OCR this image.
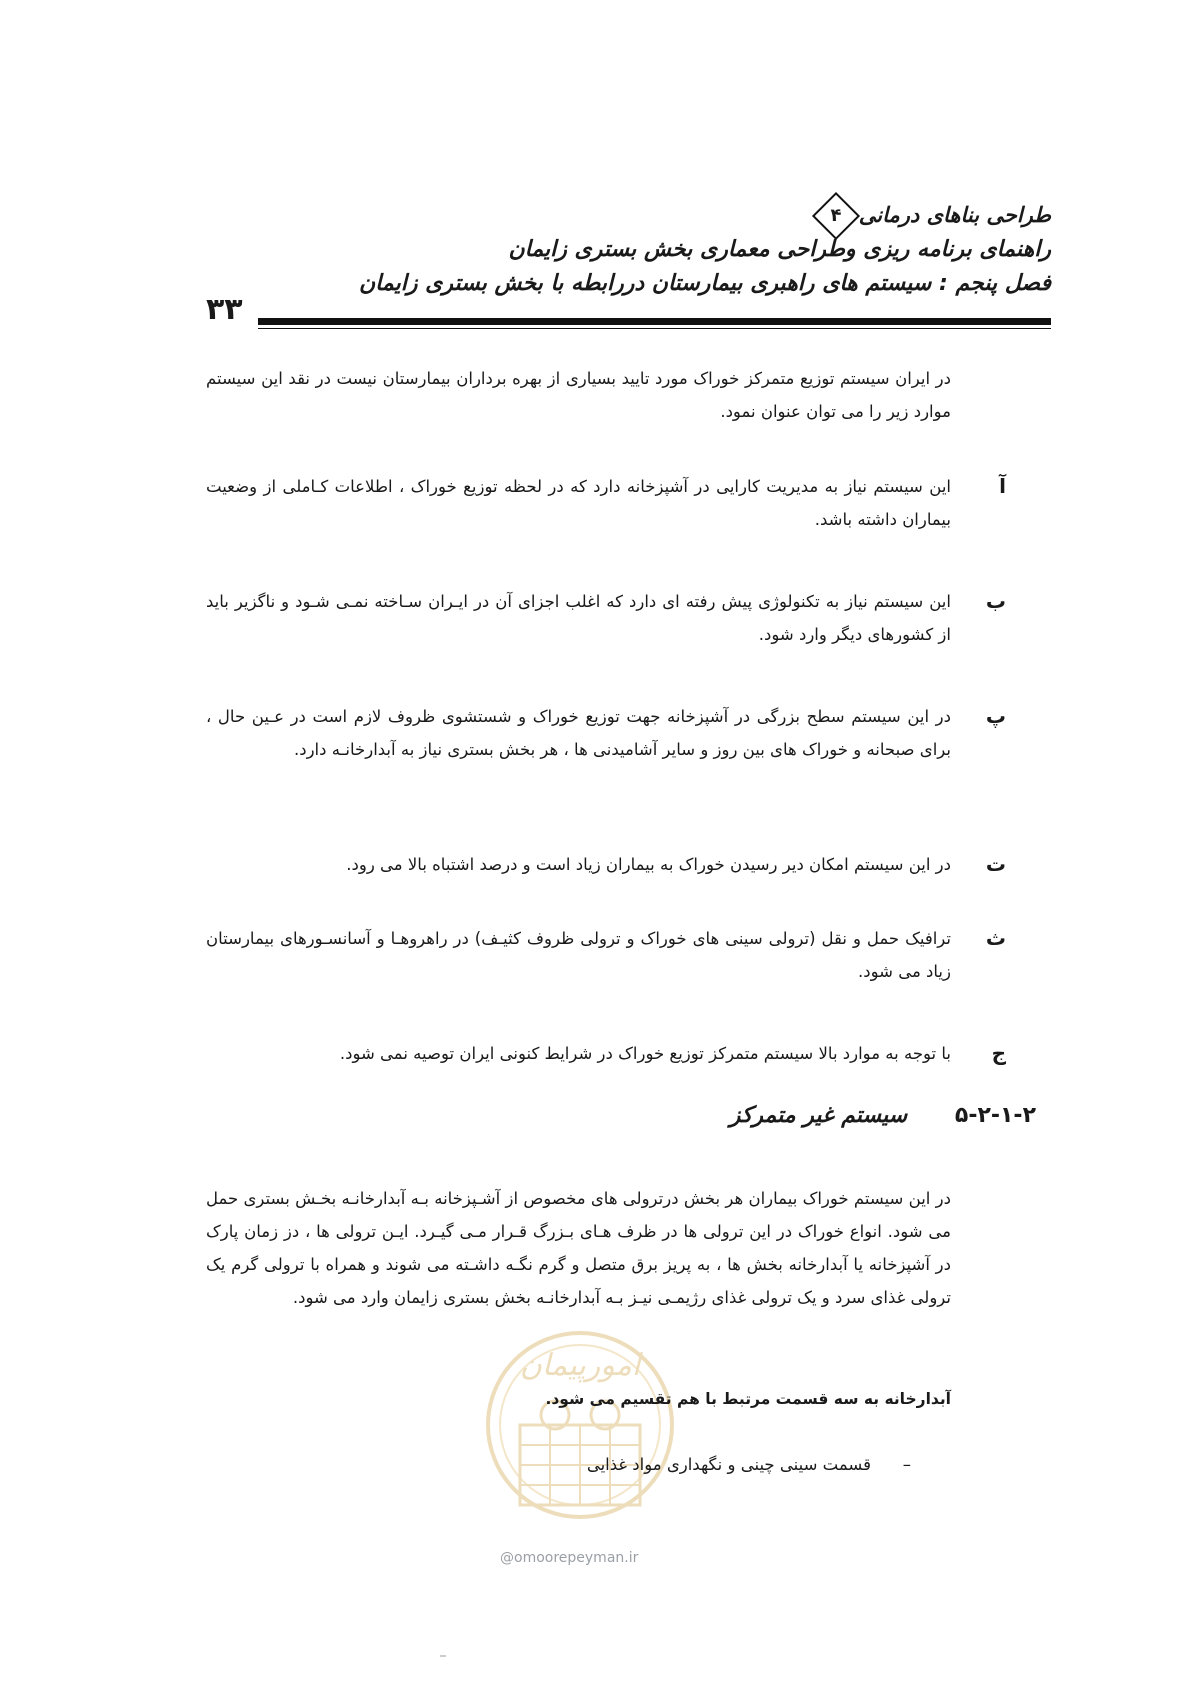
طراحی بناهای درمانی
۴
راهنمای برنامه ریزی وطراحی معماری بخش بستری زایمان
فصل پنجم : سیستم های راهبری بیمارستان دررابطه با بخش بستری زایمان
۳۳
در ایران سیستم توزیع متمرکز خوراک مورد تایید بسیاری از بهره برداران بیمارستان نیست در نقد این سیستم موارد زیر را می توان عنوان نمود.
آ
این سیستم نیاز به مدیریت کارایی در آشپزخانه دارد که در لحظه توزیع خوراک ، اطلاعات کـاملی از وضعیت بیماران داشته باشد.
ب
این سیستم نیاز به تکنولوژی پیش رفته ای دارد که اغلب اجزای آن در ایـران سـاخته نمـی شـود و ناگزیر باید از کشورهای دیگر وارد شود.
پ
در این سیستم سطح بزرگی در آشپزخانه جهت توزیع خوراک و شستشوی ظروف لازم است در عـین حال ، برای صبحانه و خوراک های بین روز و سایر آشامیدنی ها ، هر بخش بستری نیاز به آبدارخانـه دارد.
ت
در این سیستم امکان دیر رسیدن خوراک به بیماران زیاد است و درصد اشتباه بالا می رود.
ث
ترافیک حمل و نقل (ترولی سینی های خوراک و ترولی ظروف کثیـف) در راهروهـا و آسانسـورهای بیمارستان زیاد می شود.
ج
با توجه به موارد بالا سیستم متمرکز توزیع خوراک در شرایط کنونی ایران توصیه نمی شود.
۵-۲-۱-۲ سیستم غیر متمرکز
در این سیستم خوراک بیماران هر بخش درترولی های مخصوص از آشـپزخانه بـه آبدارخانـه بخـش بستری حمل می شود. انواع خوراک در این ترولی ها در ظرف هـای بـزرگ قـرار مـی گیـرد. ایـن ترولی ها ، دز زمان پارک در آشپزخانه یا آبدارخانه بخش ها ، به پریز برق متصل و گرم نگـه داشـته می شوند و همراه با ترولی گرم یک ترولی غذای سرد و یک ترولی غذای رژیمـی نیـز بـه آبدارخانـه بخش بستری زایمان وارد می شود.
امورپیمان
آبدارخانه به سه قسمت مرتبط با هم تقسیم می شود.
–
قسمت سینی چینی و نگهداری مواد غذایی
@omoorepeyman.ir
